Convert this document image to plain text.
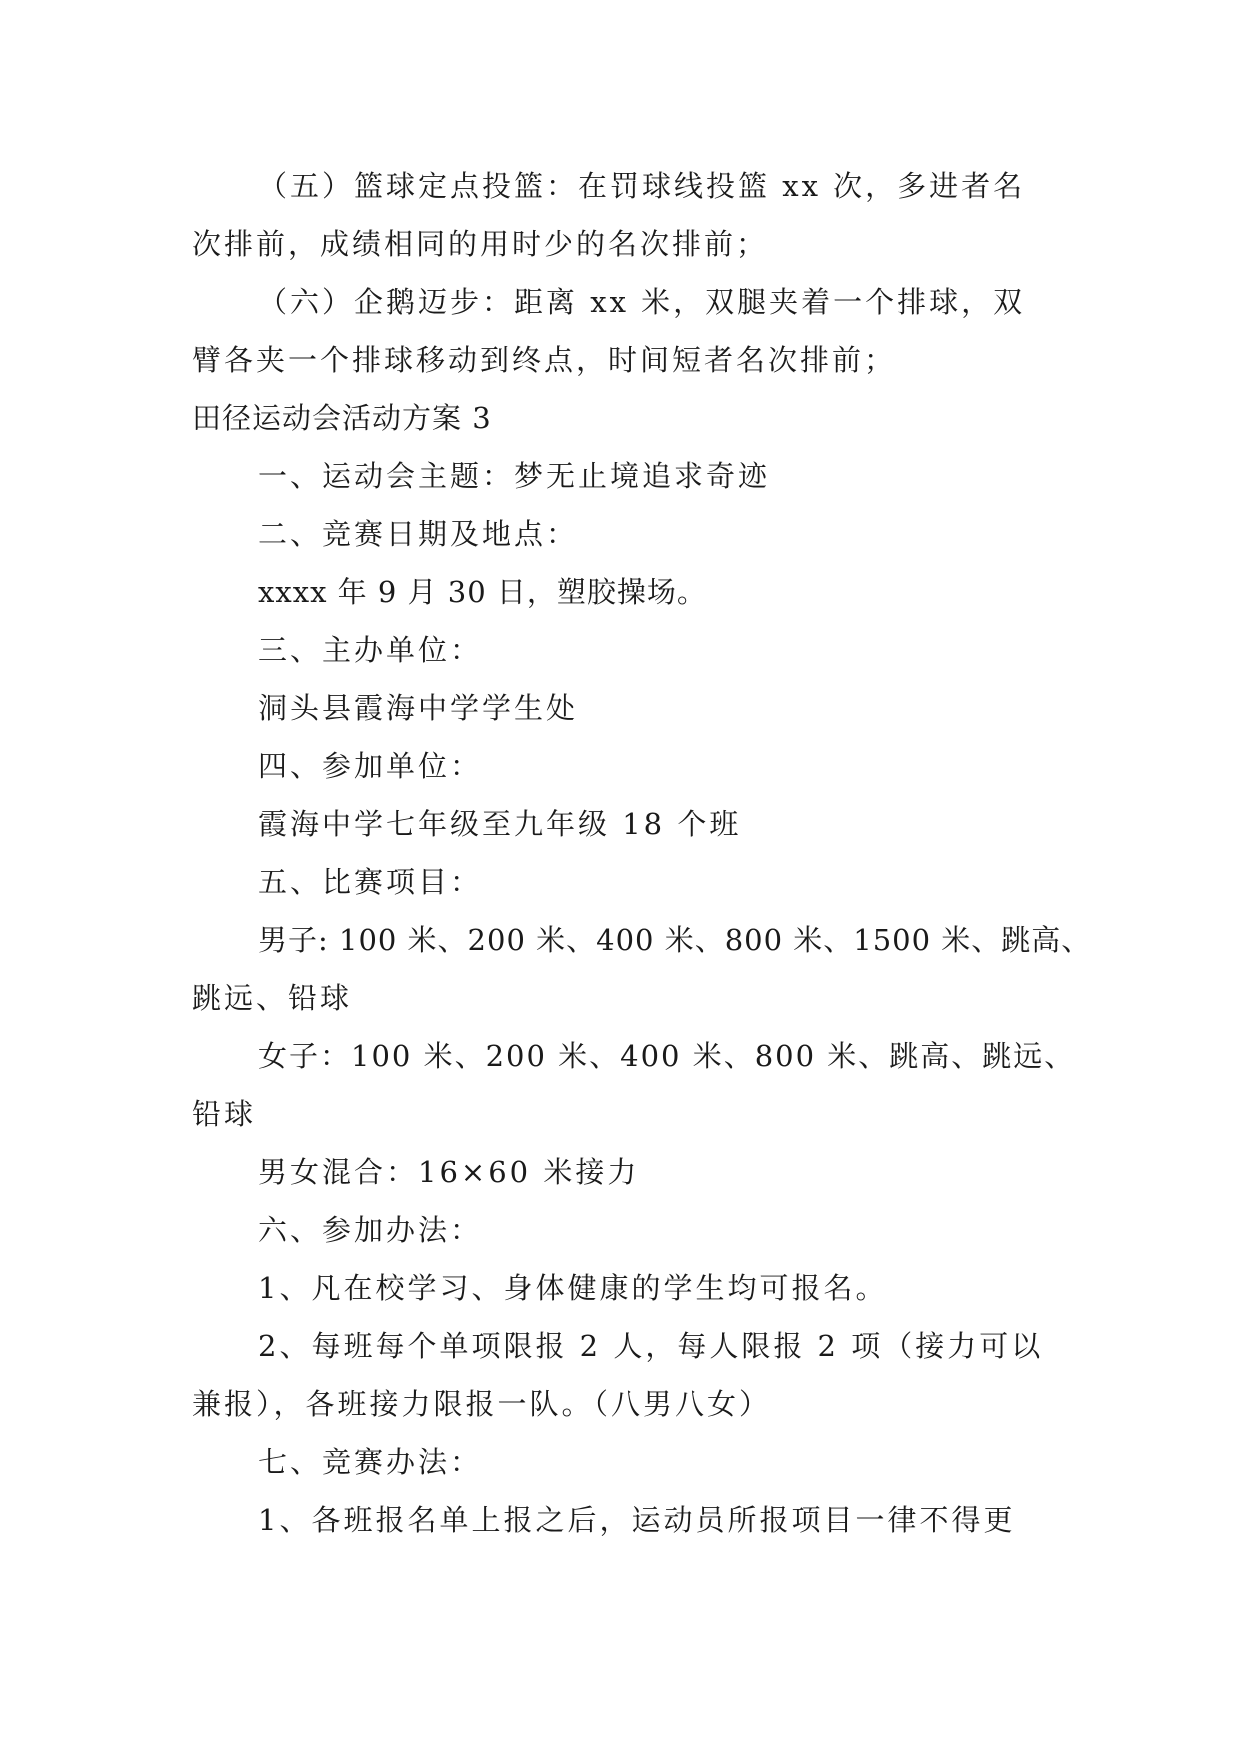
（五）篮球定点投篮：在罚球线投篮 xx 次，多进者名
次排前，成绩相同的用时少的名次排前；
（六）企鹅迈步：距离 xx 米，双腿夹着一个排球，双
臂各夹一个排球移动到终点，时间短者名次排前；
田径运动会活动方案 3
一、运动会主题：梦无止境追求奇迹
二、竞赛日期及地点：
xxxx 年 9 月 30 日，塑胶操场。
三、主办单位：
洞头县霞海中学学生处
四、参加单位：
霞海中学七年级至九年级 18 个班
五、比赛项目：
男子: 100 米、200 米、400 米、800 米、1500 米、跳高、
跳远、铅球
女子：100 米、200 米、400 米、800 米、跳高、跳远、
铅球
男女混合：16×60 米接力
六、参加办法：
1、凡在校学习、身体健康的学生均可报名。
2、每班每个单项限报 2 人，每人限报 2 项（接力可以
兼报），各班接力限报一队。（八男八女）
七、竞赛办法：
1、各班报名单上报之后，运动员所报项目一律不得更
